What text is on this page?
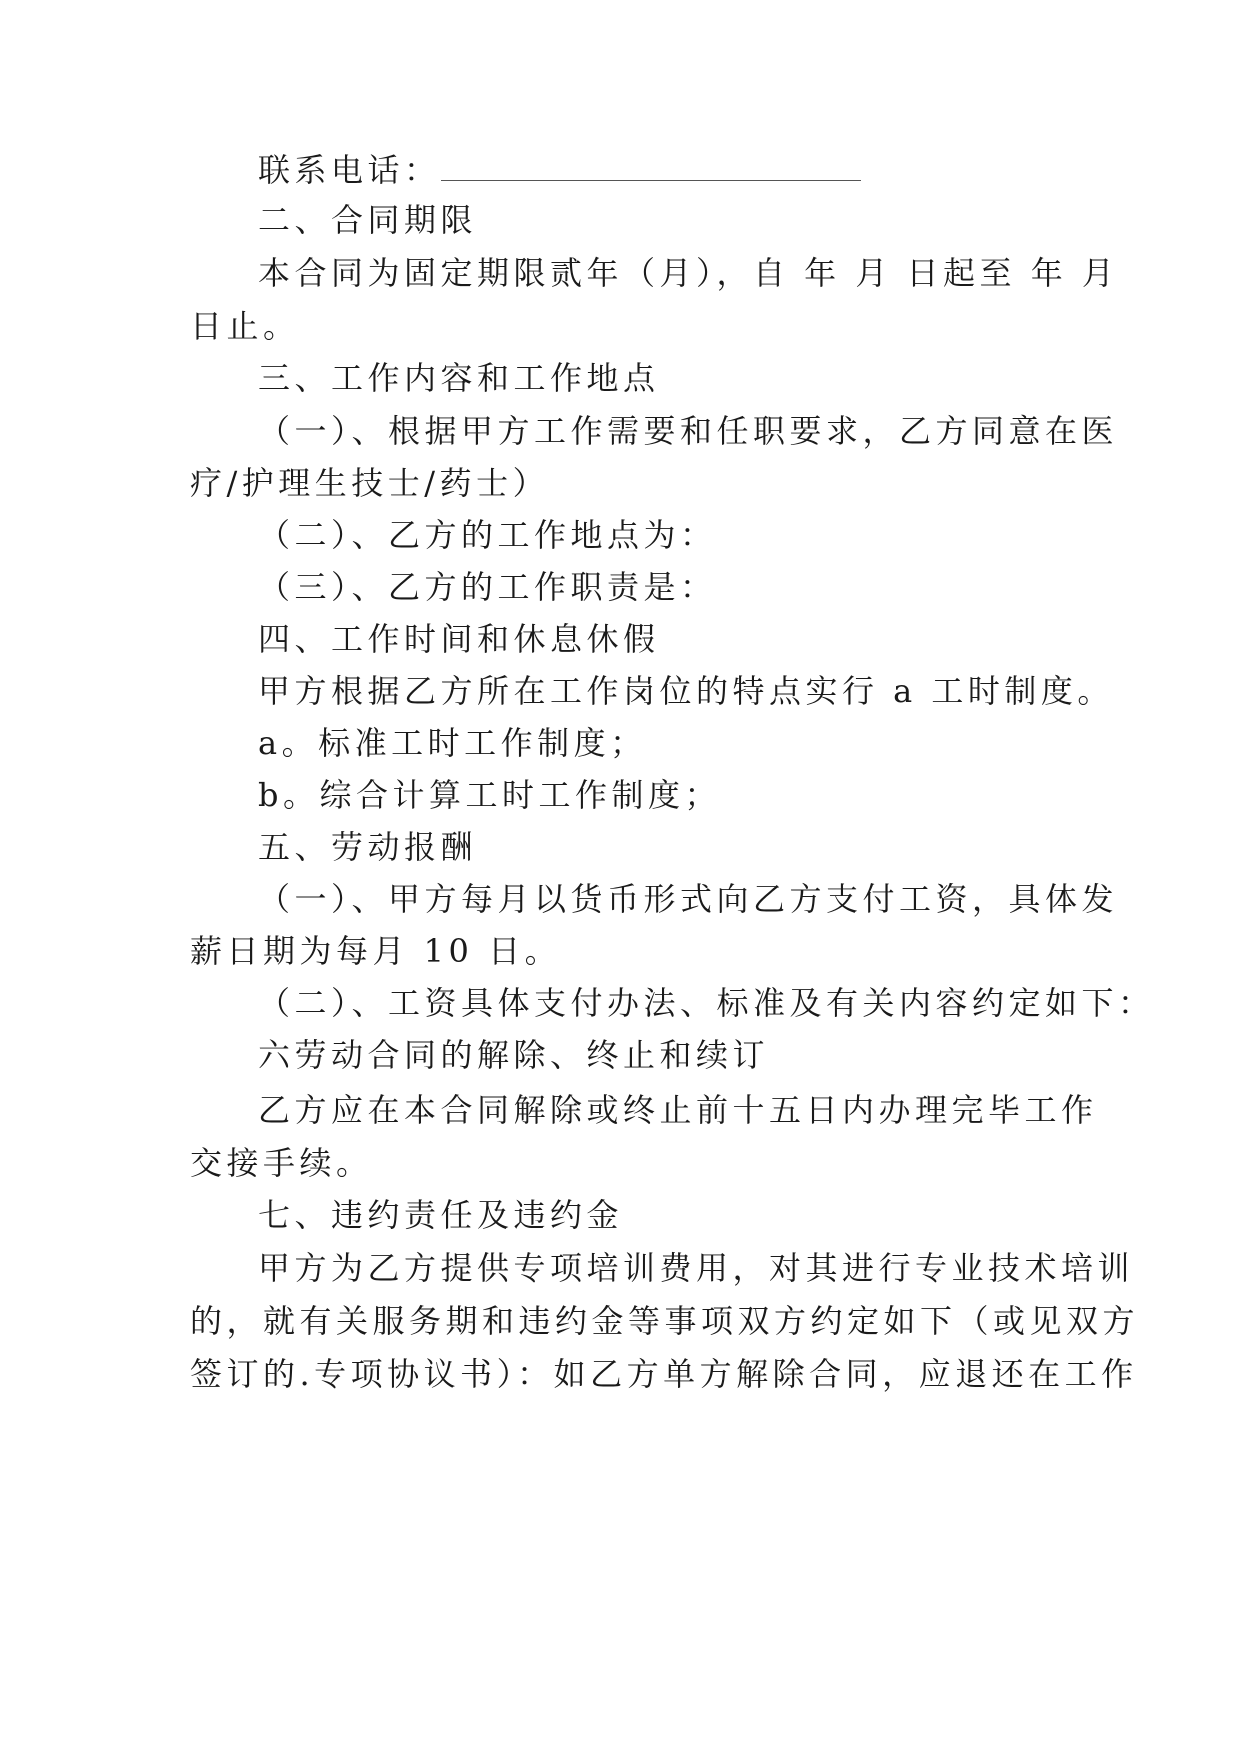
联系电话：
二、合同期限
本合同为固定期限贰年（月），自 年 月 日起至 年 月
日止。
三、工作内容和工作地点
（一）、根据甲方工作需要和任职要求，乙方同意在医
疗/护理生技士/药士）
（二）、乙方的工作地点为：
（三）、乙方的工作职责是：
四、工作时间和休息休假
甲方根据乙方所在工作岗位的特点实行 a 工时制度。
a。标准工时工作制度；
b。综合计算工时工作制度；
五、劳动报酬
（一）、甲方每月以货币形式向乙方支付工资，具体发
薪日期为每月 10 日。
（二）、工资具体支付办法、标准及有关内容约定如下：
六劳动合同的解除、终止和续订
乙方应在本合同解除或终止前十五日内办理完毕工作
交接手续。
七、违约责任及违约金
甲方为乙方提供专项培训费用，对其进行专业技术培训
的，就有关服务期和违约金等事项双方约定如下（或见双方
签订的.专项协议书）：如乙方单方解除合同，应退还在工作
